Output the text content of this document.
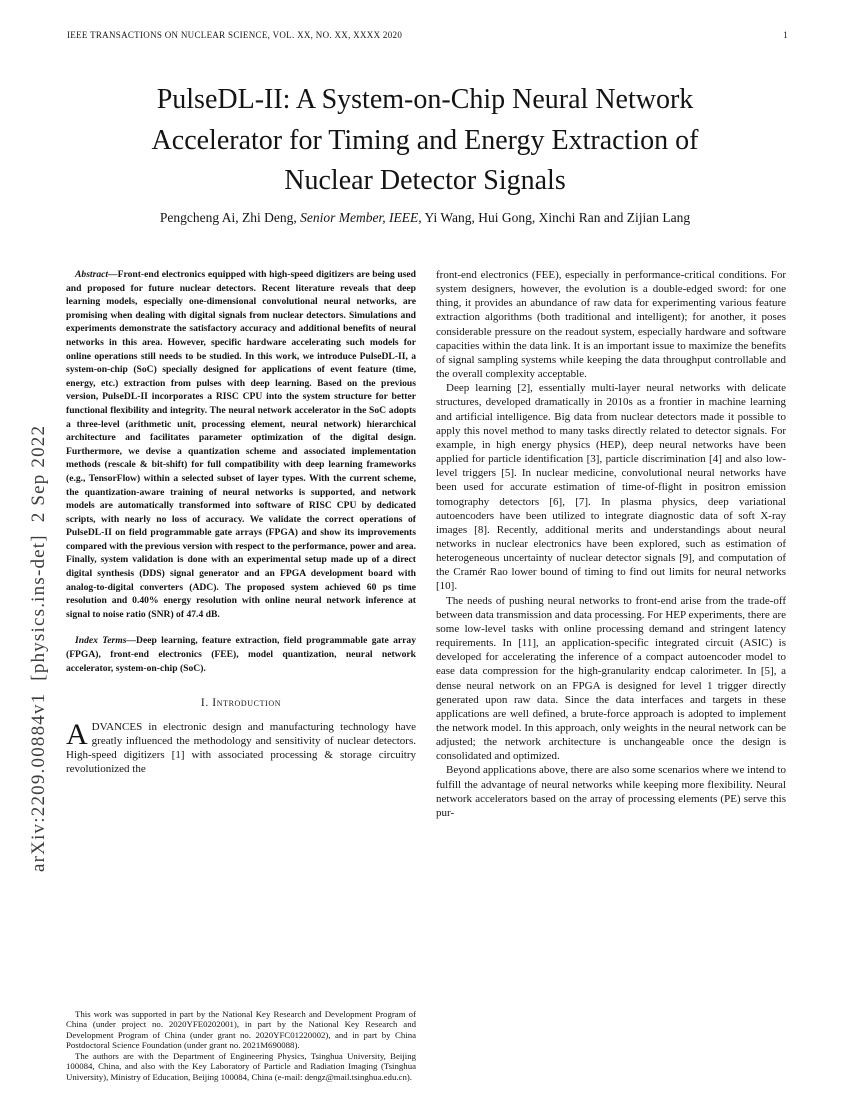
IEEE TRANSACTIONS ON NUCLEAR SCIENCE, VOL. XX, NO. XX, XXXX 2020	1
PulseDL-II: A System-on-Chip Neural Network
Accelerator for Timing and Energy Extraction of
Nuclear Detector Signals
Pengcheng Ai, Zhi Deng, Senior Member, IEEE, Yi Wang, Hui Gong, Xinchi Ran and Zijian Lang
arXiv:2209.00884v1  [physics.ins-det]  2 Sep 2022
Abstract—Front-end electronics equipped with high-speed digitizers are being used and proposed for future nuclear detectors. Recent literature reveals that deep learning models, especially one-dimensional convolutional neural networks, are promising when dealing with digital signals from nuclear detectors. Simulations and experiments demonstrate the satisfactory accuracy and additional benefits of neural networks in this area. However, specific hardware accelerating such models for online operations still needs to be studied. In this work, we introduce PulseDL-II, a system-on-chip (SoC) specially designed for applications of event feature (time, energy, etc.) extraction from pulses with deep learning. Based on the previous version, PulseDL-II incorporates a RISC CPU into the system structure for better functional flexibility and integrity. The neural network accelerator in the SoC adopts a three-level (arithmetic unit, processing element, neural network) hierarchical architecture and facilitates parameter optimization of the digital design. Furthermore, we devise a quantization scheme and associated implementation methods (rescale & bit-shift) for full compatibility with deep learning frameworks (e.g., TensorFlow) within a selected subset of layer types. With the current scheme, the quantization-aware training of neural networks is supported, and network models are automatically transformed into software of RISC CPU by dedicated scripts, with nearly no loss of accuracy. We validate the correct operations of PulseDL-II on field programmable gate arrays (FPGA) and show its improvements compared with the previous version with respect to the performance, power and area. Finally, system validation is done with an experimental setup made up of a direct digital synthesis (DDS) signal generator and an FPGA development board with analog-to-digital converters (ADC). The proposed system achieved 60 ps time resolution and 0.40% energy resolution with online neural network inference at signal to noise ratio (SNR) of 47.4 dB.
Index Terms—Deep learning, feature extraction, field programmable gate array (FPGA), front-end electronics (FEE), model quantization, neural network accelerator, system-on-chip (SoC).
I. Introduction
ADVANCES in electronic design and manufacturing technology have greatly influenced the methodology and sensitivity of nuclear detectors. High-speed digitizers [1] with associated processing & storage circuitry revolutionized the

This work was supported in part by the National Key Research and Development Program of China (under project no. 2020YFE0202001), in part by the National Key Research and Development Program of China (under grant no. 2020YFC01220002), and in part by China Postdoctoral Science Foundation (under grant no. 2021M690088).

The authors are with the Department of Engineering Physics, Tsinghua University, Beijing 100084, China, and also with the Key Laboratory of Particle and Radiation Imaging (Tsinghua University), Ministry of Education, Beijing 100084, China (e-mail: dengz@mail.tsinghua.edu.cn).

front-end electronics (FEE), especially in performance-critical conditions. For system designers, however, the evolution is a double-edged sword: for one thing, it provides an abundance of raw data for experimenting various feature extraction algorithms (both traditional and intelligent); for another, it poses considerable pressure on the readout system, especially hardware and software capacities within the data link. It is an important issue to maximize the benefits of signal sampling systems while keeping the data throughput controllable and the overall complexity acceptable.

Deep learning [2], essentially multi-layer neural networks with delicate structures, developed dramatically in 2010s as a frontier in machine learning and artificial intelligence. Big data from nuclear detectors made it possible to apply this novel method to many tasks directly related to detector signals. For example, in high energy physics (HEP), deep neural networks have been applied for particle identification [3], particle discrimination [4] and also low-level triggers [5]. In nuclear medicine, convolutional neural networks have been used for accurate estimation of time-of-flight in positron emission tomography detectors [6], [7]. In plasma physics, deep variational autoencoders have been utilized to integrate diagnostic data of soft X-ray images [8]. Recently, additional merits and understandings about neural networks in nuclear electronics have been explored, such as estimation of heterogeneous uncertainty of nuclear detector signals [9], and computation of the Cramér Rao lower bound of timing to find out limits for neural networks [10].

The needs of pushing neural networks to front-end arise from the trade-off between data transmission and data processing. For HEP experiments, there are some low-level tasks with online processing demand and stringent latency requirements. In [11], an application-specific integrated circuit (ASIC) is developed for accelerating the inference of a compact autoencoder model to ease data compression for the high-granularity endcap calorimeter. In [5], a dense neural network on an FPGA is designed for level 1 trigger directly generated upon raw data. Since the data interfaces and targets in these applications are well defined, a brute-force approach is adopted to implement the network model. In this approach, only weights in the neural network can be adjusted; the network architecture is unchangeable once the design is consolidated and optimized.

Beyond applications above, there are also some scenarios where we intend to fulfill the advantage of neural networks while keeping more flexibility. Neural network accelerators based on the array of processing elements (PE) serve this pur-
